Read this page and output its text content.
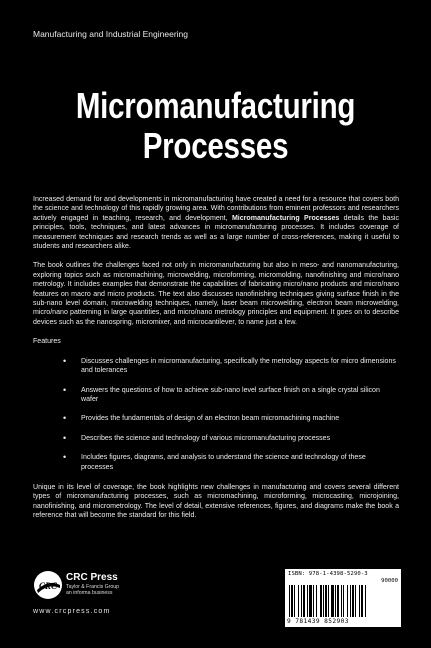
Manufacturing and Industrial Engineering
Micromanufacturing
Processes

Increased demand for and developments in micromanufacturing have created a need for a resource that covers both the science and technology of this rapidly growing area. With contributions from eminent professors and researchers actively engaged in teaching, research, and development, Micromanufacturing Processes details the basic principles, tools, techniques, and latest advances in micromanufacturing processes. It includes coverage of measurement techniques and research trends as well as a large number of cross-references, making it useful to students and researchers alike.

The book outlines the challenges faced not only in micromanufacturing but also in meso- and nanomanufacturing, exploring topics such as micromachining, microwelding, microforming, micromolding, nanofinishing and micro/nano metrology. It includes examples that demonstrate the capabilities of fabricating micro/nano products and micro/nano features on macro and micro products. The text also discusses nanofinishing techniques giving surface finish in the sub-nano level domain, microwelding techniques, namely, laser beam microwelding, electron beam microwelding, micro/nano patterning in large quantities, and micro/nano metrology principles and equipment. It goes on to describe devices such as the nanospring, micromixer, and microcantilever, to name just a few.

Features

• Discusses challenges in micromanufacturing, specifically the metrology aspects for micro dimensions and tolerances
• Answers the questions of how to achieve sub-nano level surface finish on a single crystal silicon wafer
• Provides the fundamentals of design of an electron beam micromachining machine
• Describes the science and technology of various micromanufacturing processes
• Includes figures, diagrams, and analysis to understand the science and technology of these processes

Unique in its level of coverage, the book highlights new challenges in manufacturing and covers several different types of micromanufacturing processes, such as micromachining, microforming, microcasting, microjoining, nanofinishing, and micrometrology. The level of detail, extensive references, figures, and diagrams make the book a reference that will become the standard for this field.

CRC
CRC Press
Taylor & Francis Group
an informa business
www.crcpress.com
ISBN: 978-1-4398-5290-3
90000
9 781439 852903
